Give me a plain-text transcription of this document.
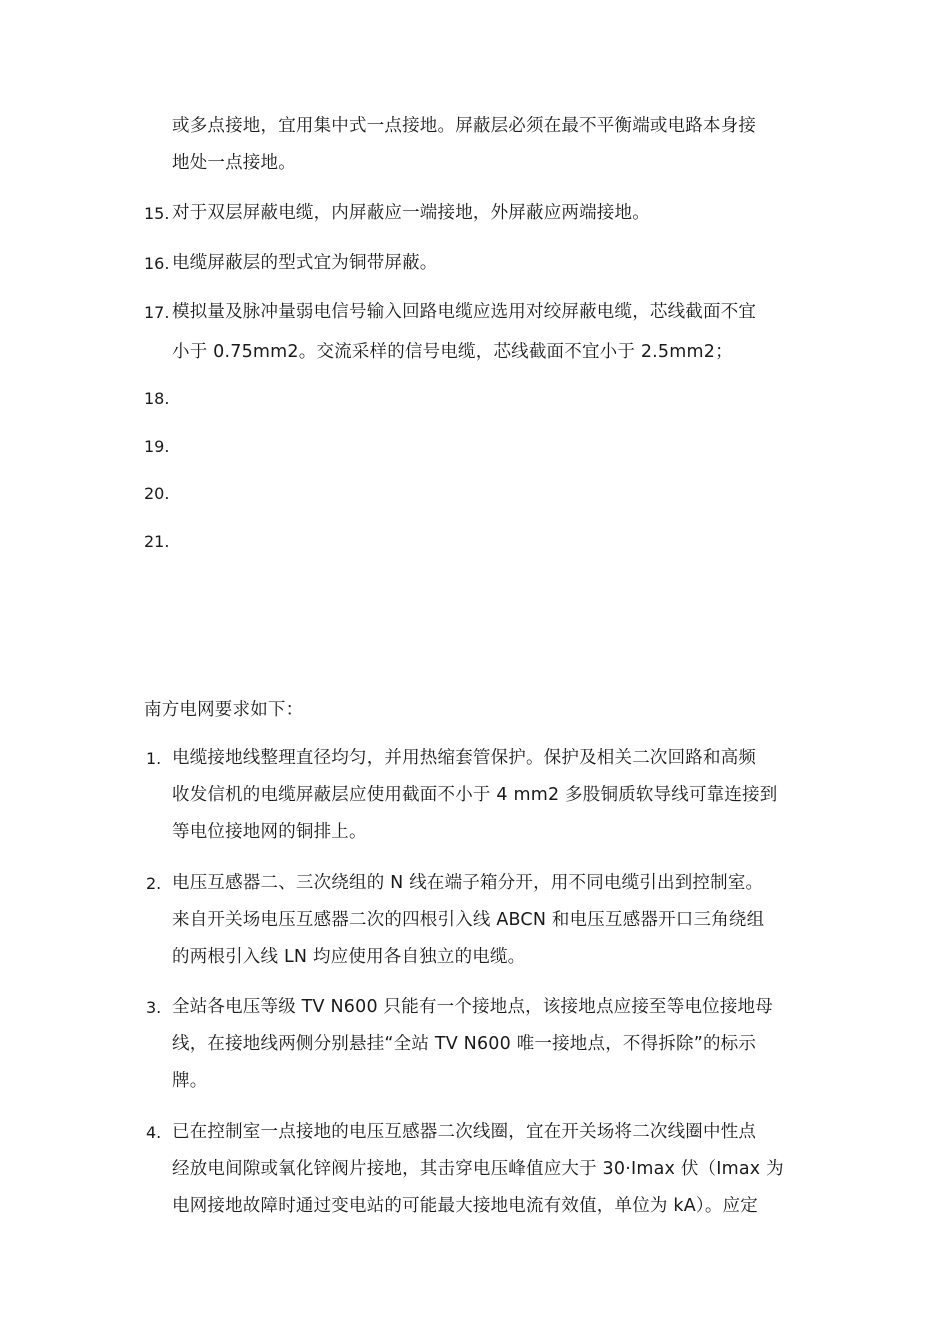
或多点接地，宜用集中式一点接地。屏蔽层必须在最不平衡端或电路本身接
地处一点接地。
15. 对于双层屏蔽电缆，内屏蔽应一端接地，外屏蔽应两端接地。
16. 电缆屏蔽层的型式宜为铜带屏蔽。
17. 模拟量及脉冲量弱电信号输入回路电缆应选用对绞屏蔽电缆，芯线截面不宜
小于 0.75mm2。交流采样的信号电缆，芯线截面不宜小于 2.5mm2；
18.
19.
20.
21.
南方电网要求如下：
1. 电缆接地线整理直径均匀，并用热缩套管保护。保护及相关二次回路和高频
收发信机的电缆屏蔽层应使用截面不小于 4 mm2 多股铜质软导线可靠连接到
等电位接地网的铜排上。
2. 电压互感器二、三次绕组的 N 线在端子箱分开，用不同电缆引出到控制室。
来自开关场电压互感器二次的四根引入线 ABCN 和电压互感器开口三角绕组
的两根引入线 LN 均应使用各自独立的电缆。
3. 全站各电压等级 TV N600 只能有一个接地点，该接地点应接至等电位接地母
线，在接地线两侧分别悬挂“全站 TV N600 唯一接地点，不得拆除”的标示
牌。
4. 已在控制室一点接地的电压互感器二次线圈，宜在开关场将二次线圈中性点
经放电间隙或氧化锌阀片接地，其击穿电压峰值应大于 30·Imax 伏（Imax 为
电网接地故障时通过变电站的可能最大接地电流有效值，单位为 kA）。应定
